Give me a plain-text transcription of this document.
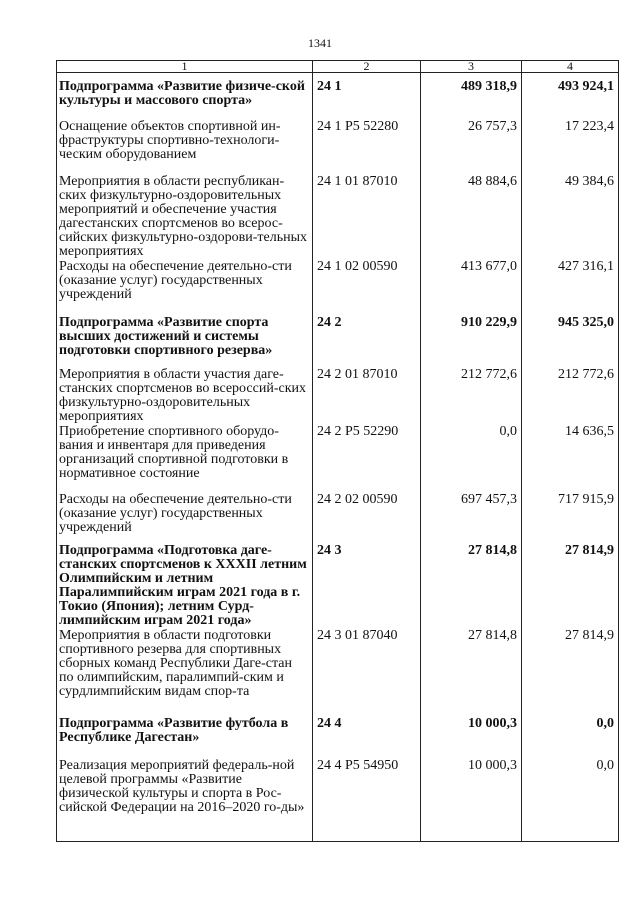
1341
1	2	3	4

Подпрограмма «Развитие физиче-ской культуры и массового спорта»	24 1	489 318,9	493 924,1

Оснащение объектов спортивной ин-фраструктуры спортивно-технологи-ческим оборудованием	24 1 P5 52280	26 757,3	17 223,4

Мероприятия в области республикан-ских физкультурно-оздоровительных мероприятий и обеспечение участия дагестанских спортсменов во всерос-сийских физкультурно-оздорови-тельных мероприятиях	24 1 01 87010	48 884,6	49 384,6

Расходы на обеспечение деятельно-сти (оказание услуг) государственных учреждений	24 1 02 00590	413 677,0	427 316,1

Подпрограмма «Развитие спорта высших достижений и системы подготовки спортивного резерва»	24 2	910 229,9	945 325,0

Мероприятия в области участия даге-станских спортсменов во всероссий-ских физкультурно-оздоровительных мероприятиях	24 2 01 87010	212 772,6	212 772,6

Приобретение спортивного оборудо-вания и инвентаря для приведения организаций спортивной подготовки в нормативное состояние	24 2 P5 52290	0,0	14 636,5

Расходы на обеспечение деятельно-сти (оказание услуг) государственных учреждений	24 2 02 00590	697 457,3	717 915,9

Подпрограмма «Подготовка даге-станских спортсменов к XXXII летним Олимпийским и летним Паралимпийским играм 2021 года в г. Токио (Япония); летним Сурд-лимпийским играм 2021 года»	24 3	27 814,8	27 814,9

Мероприятия в области подготовки спортивного резерва для спортивных сборных команд Республики Даге-стан по олимпийским, паралимпий-ским и сурдлимпийским видам спор-та	24 3 01 87040	27 814,8	27 814,9

Подпрограмма «Развитие футбола в Республике Дагестан»	24 4	10 000,3	0,0

Реализация мероприятий федераль-ной целевой программы «Развитие физической культуры и спорта в Рос-сийской Федерации на 2016–2020 го-ды»	24 4 P5 54950	10 000,3	0,0
